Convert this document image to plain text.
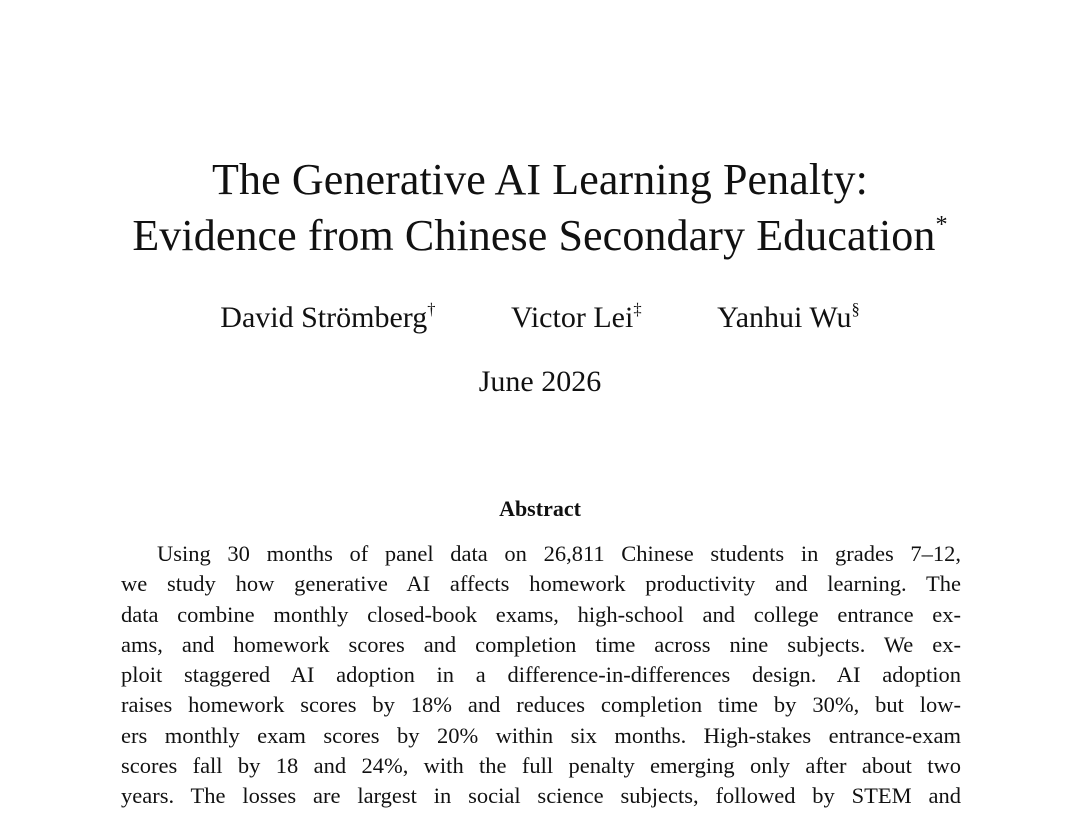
The Generative AI Learning Penalty:
Evidence from Chinese Secondary Education*
David Strömberg†	Victor Lei‡	Yanhui Wu§
June 2026
Abstract
Using 30 months of panel data on 26,811 Chinese students in grades 7–12,
we study how generative AI affects homework productivity and learning. The
data combine monthly closed-book exams, high-school and college entrance ex-
ams, and homework scores and completion time across nine subjects. We ex-
ploit staggered AI adoption in a difference-in-differences design. AI adoption
raises homework scores by 18% and reduces completion time by 30%, but low-
ers monthly exam scores by 20% within six months. High-stakes entrance-exam
scores fall by 18 and 24%, with the full penalty emerging only after about two
years. The losses are largest in social science subjects, followed by STEM and
